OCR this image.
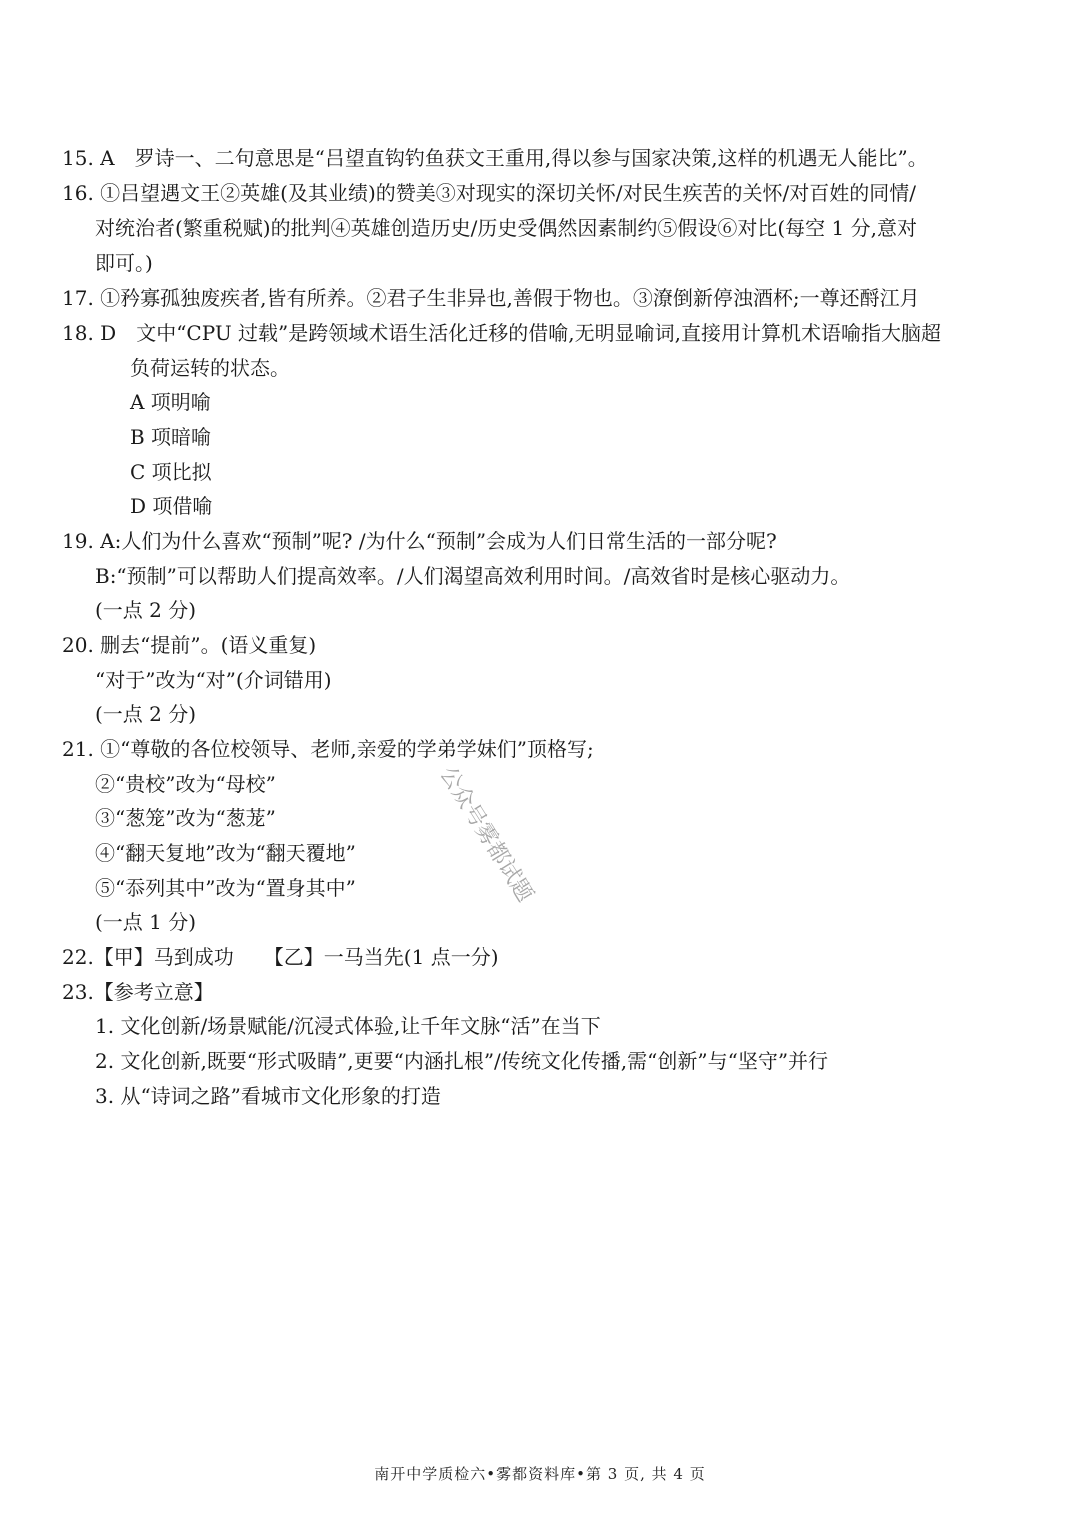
15. A　罗诗一、二句意思是“吕望直钩钓鱼获文王重用,得以参与国家决策,这样的机遇无人能比”。
16. ①吕望遇文王②英雄(及其业绩)的赞美③对现实的深切关怀/对民生疾苦的关怀/对百姓的同情/
对统治者(繁重税赋)的批判④英雄创造历史/历史受偶然因素制约⑤假设⑥对比(每空 1 分,意对
即可。)
17. ①矜寡孤独废疾者,皆有所养。②君子生非异也,善假于物也。③潦倒新停浊酒杯;一尊还酹江月
18. D　文中“CPU 过载”是跨领域术语生活化迁移的借喻,无明显喻词,直接用计算机术语喻指大脑超
负荷运转的状态。
A 项明喻
B 项暗喻
C 项比拟
D 项借喻
19. A:人们为什么喜欢“预制”呢? /为什么“预制”会成为人们日常生活的一部分呢?
B:“预制”可以帮助人们提高效率。/人们渴望高效利用时间。/高效省时是核心驱动力。
(一点 2 分)
20. 删去“提前”。(语义重复)
“对于”改为“对”(介词错用)
(一点 2 分)
21. ①“尊敬的各位校领导、老师,亲爱的学弟学妹们”顶格写;
②“贵校”改为“母校”
③“葱笼”改为“葱茏”
④“翻天复地”改为“翻天覆地”
⑤“忝列其中”改为“置身其中”
(一点 1 分)
22.【甲】马到成功　　【乙】一马当先(1 点一分)
23.【参考立意】
1. 文化创新/场景赋能/沉浸式体验,让千年文脉“活”在当下
2. 文化创新,既要“形式吸睛”,更要“内涵扎根”/传统文化传播,需“创新”与“坚守”并行
3. 从“诗词之路”看城市文化形象的打造
公众号雾都试题
南开中学质检六•雾都资料库•第 3 页, 共 4 页
